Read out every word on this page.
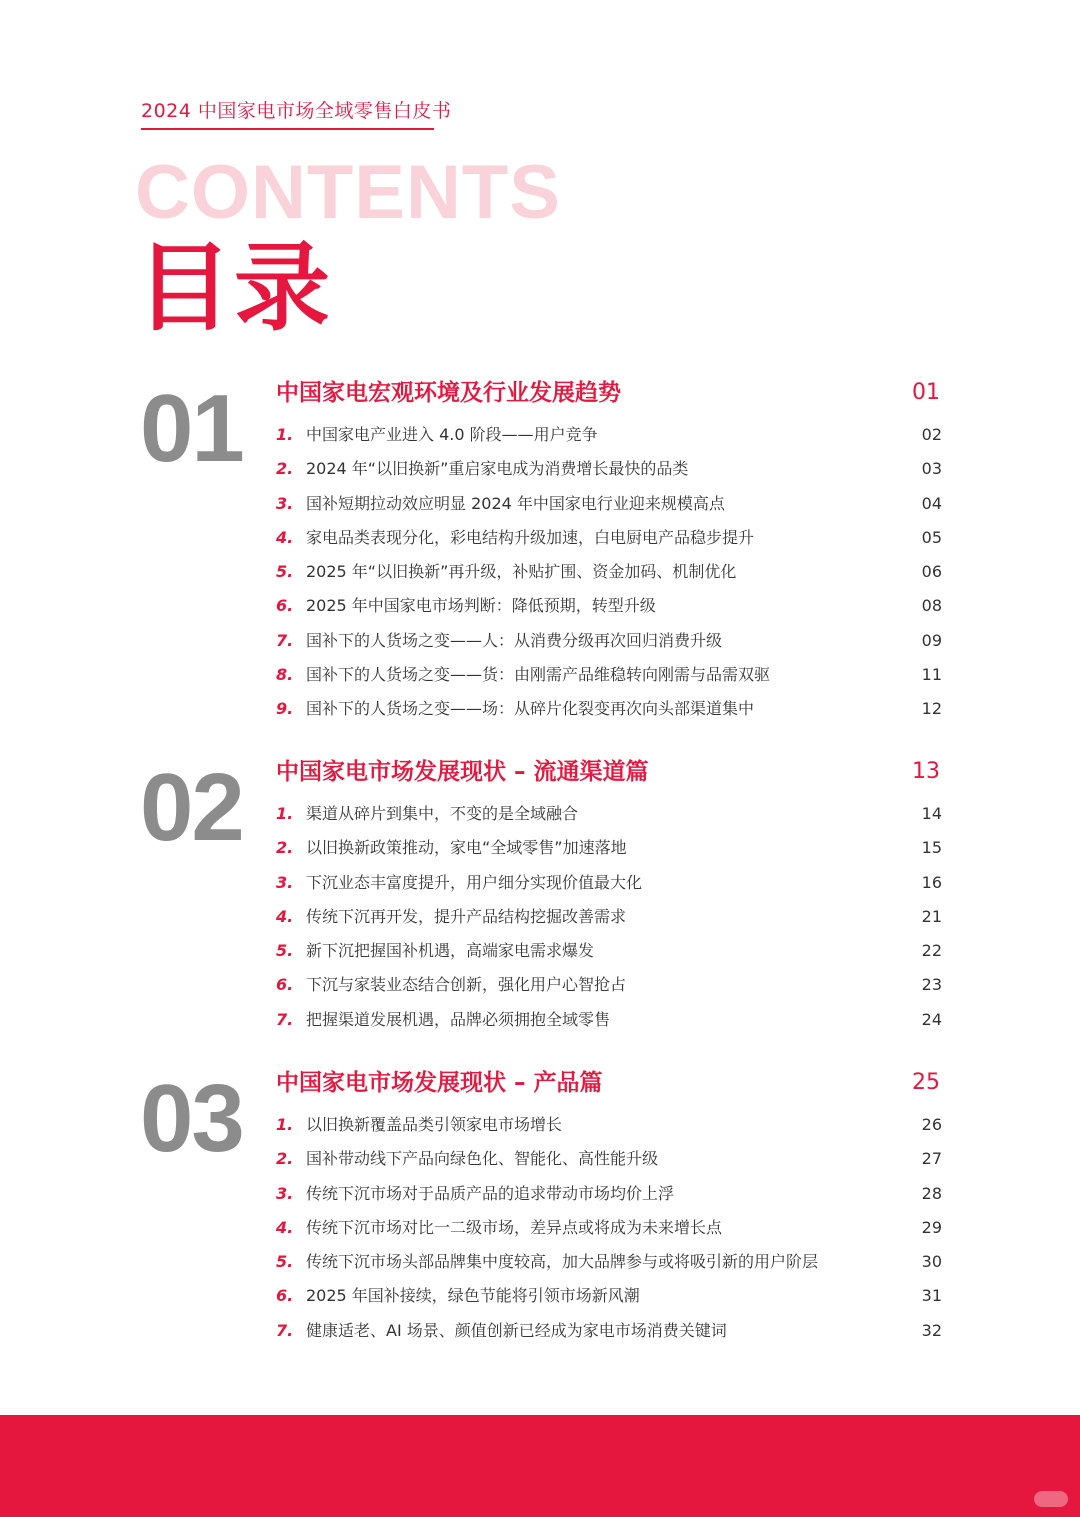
2024 中国家电市场全域零售白皮书
CONTENTS
目录
01 中国家电宏观环境及行业发展趋势	01
1. 中国家电产业进入 4.0 阶段——用户竞争	02
2. 2024 年“以旧换新”重启家电成为消费增长最快的品类	03
3. 国补短期拉动效应明显 2024 年中国家电行业迎来规模高点	04
4. 家电品类表现分化，彩电结构升级加速，白电厨电产品稳步提升	05
5. 2025 年“以旧换新”再升级，补贴扩围、资金加码、机制优化	06
6. 2025 年中国家电市场判断：降低预期，转型升级	08
7. 国补下的人货场之变——人：从消费分级再次回归消费升级	09
8. 国补下的人货场之变——货：由刚需产品维稳转向刚需与品需双驱	11
9. 国补下的人货场之变——场：从碎片化裂变再次向头部渠道集中	12
02 中国家电市场发展现状 – 流通渠道篇	13
1. 渠道从碎片到集中，不变的是全域融合	14
2. 以旧换新政策推动，家电“全域零售”加速落地	15
3. 下沉业态丰富度提升，用户细分实现价值最大化	16
4. 传统下沉再开发，提升产品结构挖掘改善需求	21
5. 新下沉把握国补机遇，高端家电需求爆发	22
6. 下沉与家装业态结合创新，强化用户心智抢占	23
7. 把握渠道发展机遇，品牌必须拥抱全域零售	24
03 中国家电市场发展现状 – 产品篇	25
1. 以旧换新覆盖品类引领家电市场增长	26
2. 国补带动线下产品向绿色化、智能化、高性能升级	27
3. 传统下沉市场对于品质产品的追求带动市场均价上浮	28
4. 传统下沉市场对比一二级市场，差异点或将成为未来增长点	29
5. 传统下沉市场头部品牌集中度较高，加大品牌参与或将吸引新的用户阶层	30
6. 2025 年国补接续，绿色节能将引领市场新风潮	31
7. 健康适老、AI 场景、颜值创新已经成为家电市场消费关键词	32
